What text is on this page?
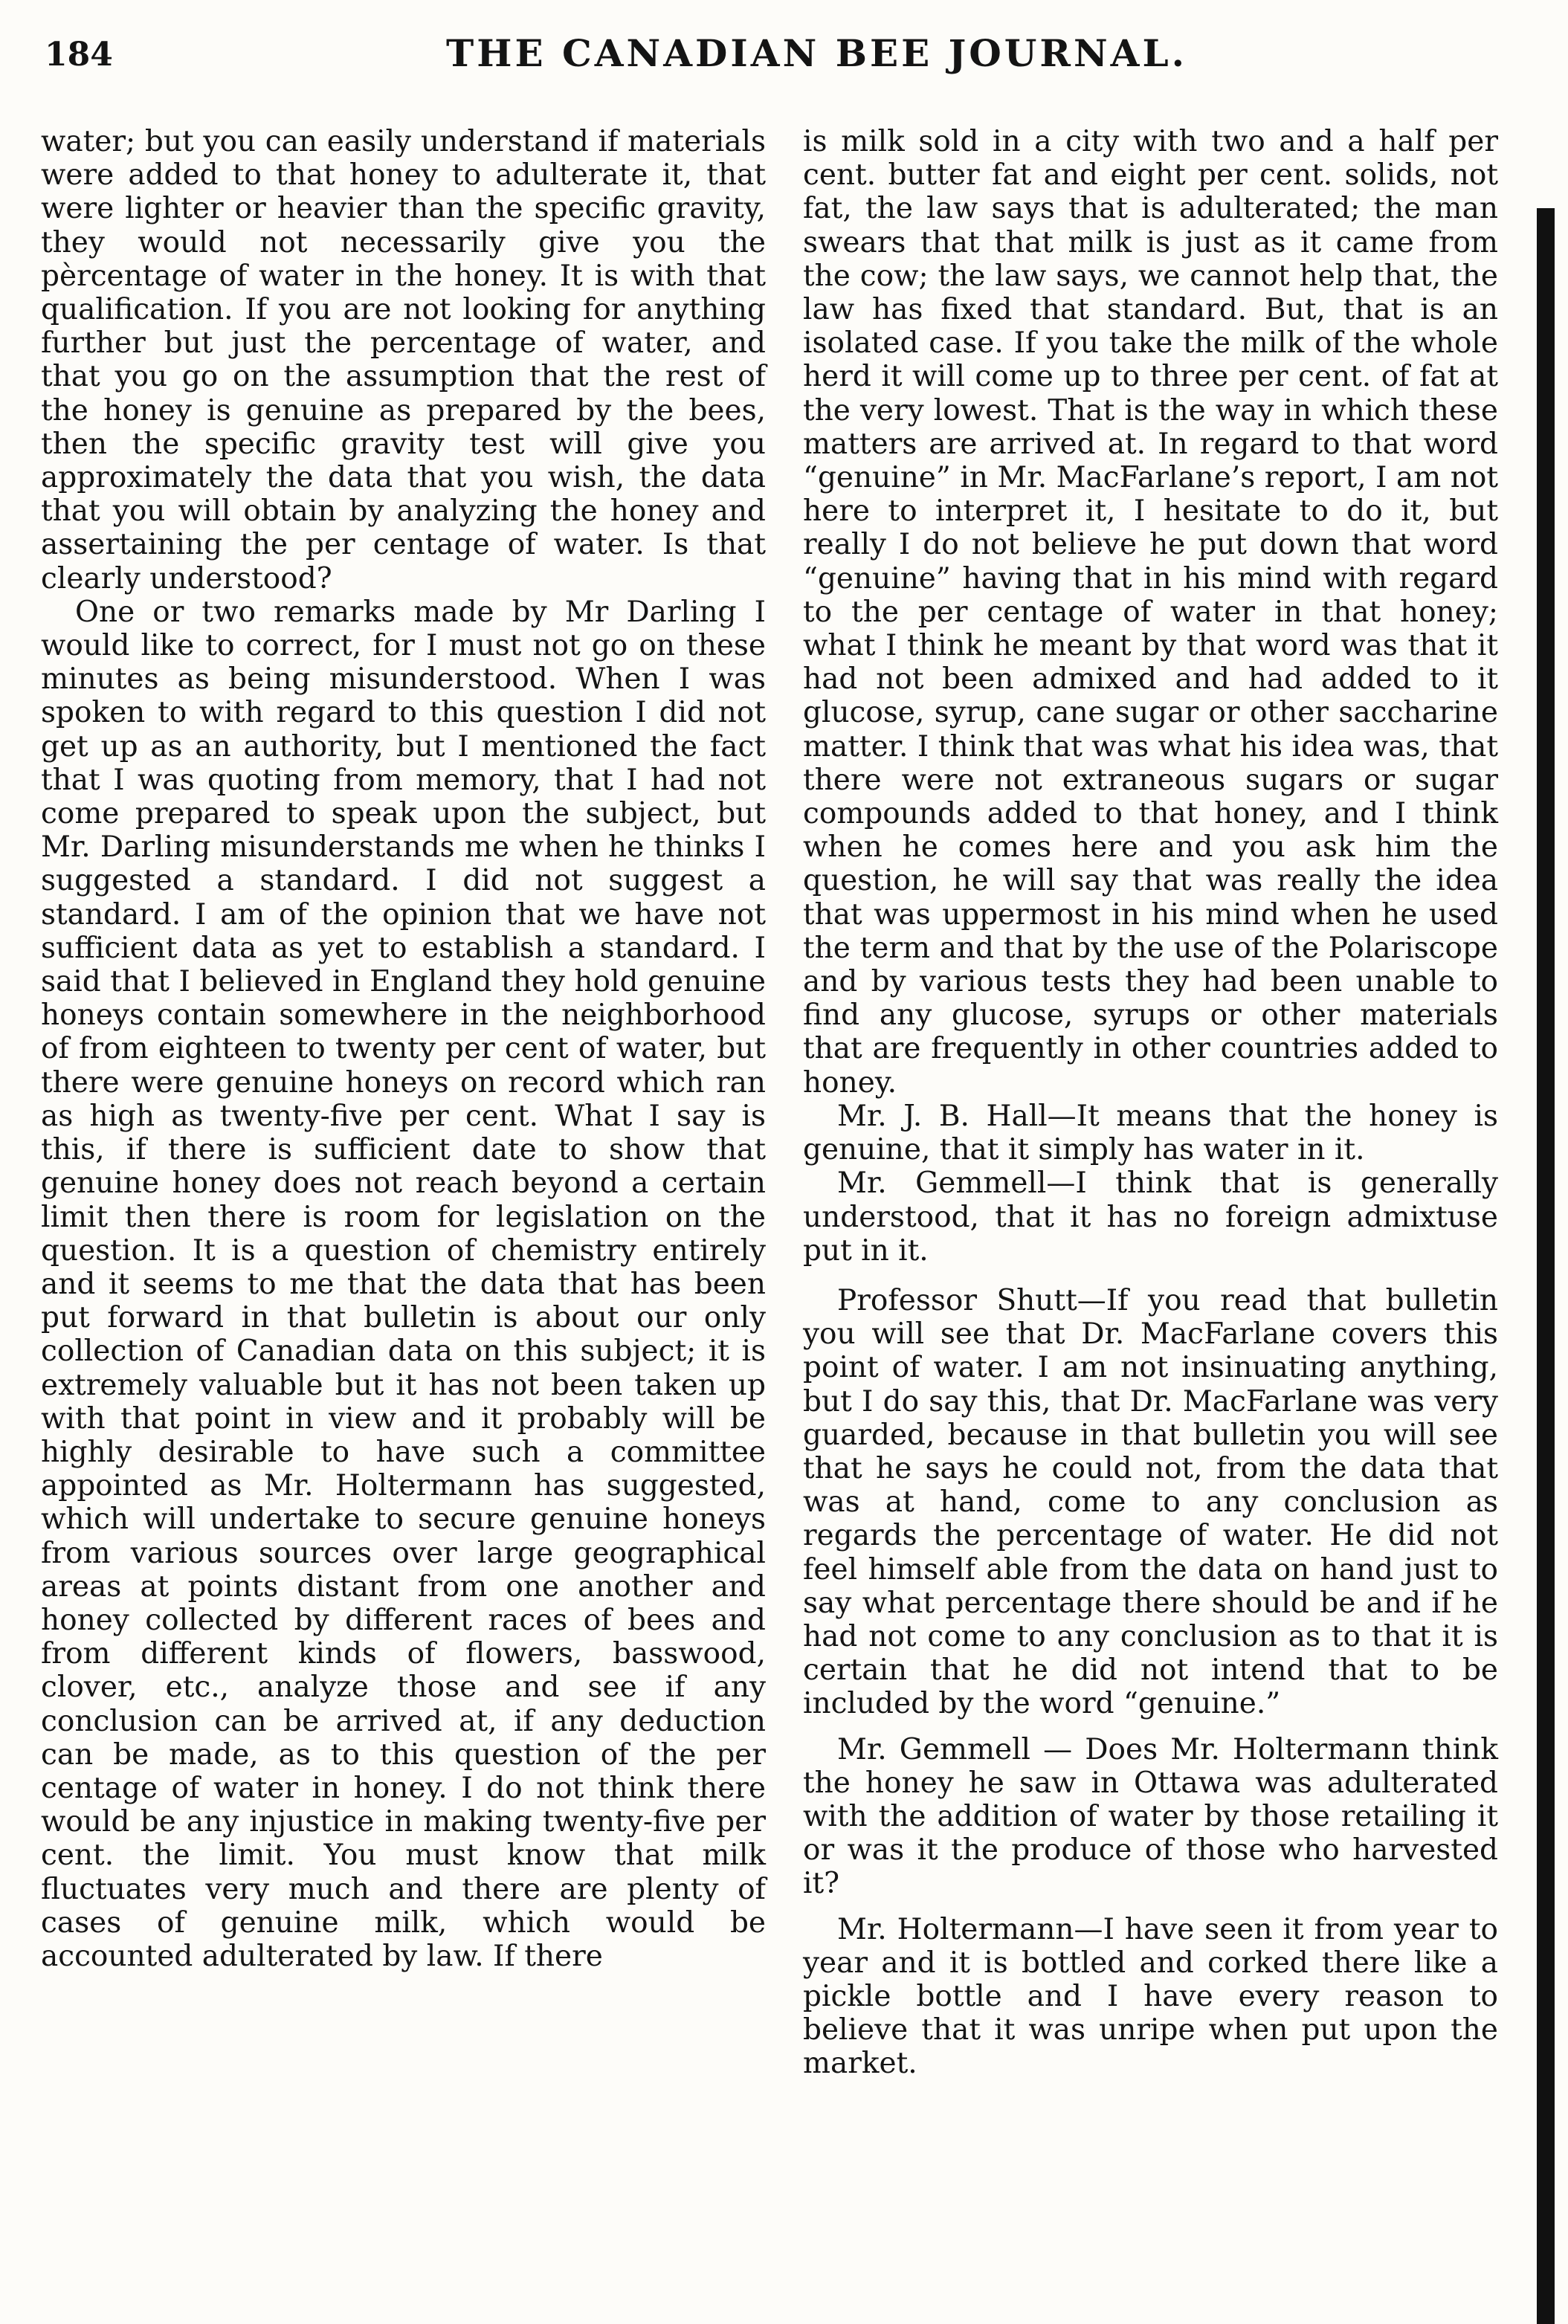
184	THE CANADIAN BEE JOURNAL.

water; but you can easily understand if materials were added to that honey to adulterate it, that were lighter or heavier than the specific gravity, they would not necessarily give you the pèrcentage of water in the honey. It is with that qualification. If you are not looking for anything further but just the percentage of water, and that you go on the assumption that the rest of the honey is genuine as prepared by the bees, then the specific gravity test will give you approximately the data that you wish, the data that you will obtain by analyzing the honey and assertaining the per centage of water. Is that clearly understood?

One or two remarks made by Mr Darling I would like to correct, for I must not go on these minutes as being misunderstood. When I was spoken to with regard to this question I did not get up as an authority, but I mentioned the fact that I was quoting from memory, that I had not come prepared to speak upon the subject, but Mr. Darling misunderstands me when he thinks I suggested a standard. I did not suggest a standard. I am of the opinion that we have not sufficient data as yet to establish a standard. I said that I believed in England they hold genuine honeys contain somewhere in the neighborhood of from eighteen to twenty per cent of water, but there were genuine honeys on record which ran as high as twenty-five per cent. What I say is this, if there is sufficient date to show that genuine honey does not reach beyond a certain limit then there is room for legislation on the question. It is a question of chemistry entirely and it seems to me that the data that has been put forward in that bulletin is about our only collection of Canadian data on this subject; it is extremely valuable but it has not been taken up with that point in view and it probably will be highly desirable to have such a committee appointed as Mr. Holtermann has suggested, which will undertake to secure genuine honeys from various sources over large geographical areas at points distant from one another and honey collected by different races of bees and from different kinds of flowers, basswood, clover, etc., analyze those and see if any conclusion can be arrived at, if any deduction can be made, as to this question of the per centage of water in honey. I do not think there would be any injustice in making twenty-five per cent. the limit. You must know that milk fluctuates very much and there are plenty of cases of genuine milk, which would be accounted adulterated by law. If there

is milk sold in a city with two and a half per cent. butter fat and eight per cent. solids, not fat, the law says that is adulterated; the man swears that that milk is just as it came from the cow; the law says, we cannot help that, the law has fixed that standard. But, that is an isolated case. If you take the milk of the whole herd it will come up to three per cent. of fat at the very lowest. That is the way in which these matters are arrived at. In regard to that word “genuine” in Mr. MacFarlane’s report, I am not here to interpret it, I hesitate to do it, but really I do not believe he put down that word “genuine” having that in his mind with regard to the per centage of water in that honey; what I think he meant by that word was that it had not been admixed and had added to it glucose, syrup, cane sugar or other saccharine matter. I think that was what his idea was, that there were not extraneous sugars or sugar compounds added to that honey, and I think when he comes here and you ask him the question, he will say that was really the idea that was uppermost in his mind when he used the term and that by the use of the Polariscope and by various tests they had been unable to find any glucose, syrups or other materials that are frequently in other countries added to honey.

Mr. J. B. Hall—It means that the honey is genuine, that it simply has water in it.

Mr. Gemmell—I think that is generally understood, that it has no foreign admixtuse put in it.

Professor Shutt—If you read that bulletin you will see that Dr. MacFarlane covers this point of water. I am not insinuating anything, but I do say this, that Dr. MacFarlane was very guarded, because in that bulletin you will see that he says he could not, from the data that was at hand, come to any conclusion as regards the percentage of water. He did not feel himself able from the data on hand just to say what percentage there should be and if he had not come to any conclusion as to that it is certain that he did not intend that to be included by the word “genuine.”

Mr. Gemmell — Does Mr. Holtermann think the honey he saw in Ottawa was adulterated with the addition of water by those retailing it or was it the produce of those who harvested it?

Mr. Holtermann—I have seen it from year to year and it is bottled and corked there like a pickle bottle and I have every reason to believe that it was unripe when put upon the market.
